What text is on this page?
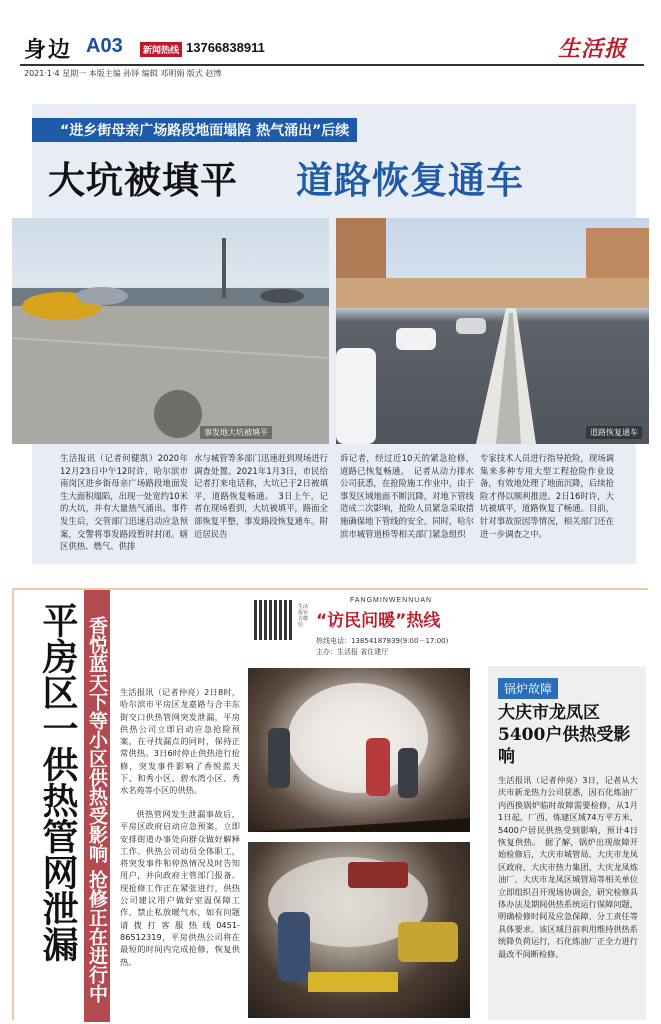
身边 A03	新闻热线 13766838911	生活报
2021·1·4 星期一 本版主编 孙铎 编辑 邓明娟 版式 赵博
“进乡街母亲广场路段地面塌陷 热气涌出”后续
大坑被填平 道路恢复通车
事发地大坑被填平	道路恢复通车
生活报讯（记者何健凯）2020年12月23日中午12时许，哈尔滨市南岗区进乡街母亲广场路段地面发生大面积塌陷，出现一处宽约10米的大坑，并有大量热气涌出。事件发生后，交管部门迅速启动应急预案，交警将事发路段暂时封闭。辖区供热、燃气、供排
水与城管等多部门迅速赶到现场进行调查处置。2021年1月3日，市民给记者打来电话称，大坑已于2日被填平，道路恢复畅通。　3日上午，记者在现场看到，大坑被填平，路面全部恢复平整，事发路段恢复通车。附近居民告
诉记者，经过近10天的紧急抢修，道路已恢复畅通。　记者从动力排水公司获悉，在抢险施工作业中，由于事发区域地面不断沉降，对地下管线造成二次影响，抢险人员紧急采取措施确保地下管线的安全。同时，哈尔滨市城管道桥等相关部门紧急组织
专家技术人员进行指导抢险，现场调集来多种专用大型工程抢险作业设备，有效地处理了地面沉降，后续抢险才得以顺利推进。2日16时许，大坑被填平，道路恢复了畅通。目前，针对事故原因等情况，相关部门还在进一步调查之中。
平房区一供热管网泄漏 香悦蓝天下等小区供热受影响 抢修正在进行中 生活报讯（记者仲亮）2日8时，哈尔滨市平房区龙嘉路与合丰东街交口供热管网突发泄漏，平房供热公司立即启动应急抢险预案，在寻找漏点的同时，保持正常供热。3日6时停止供热进行抢修，突发事件影响了香悦蓝天下、和秀小区、碧水湾小区、秀水名苑等小区的供热。
供热管网发生泄漏事故后，平房区政府启动应急预案，立即安排街道办事处向群众做好解释工作。供热公司动员全体职工，将突发事件和停热情况及时告知用户，并向政府主管部门报备。现抢修工作正在紧张进行，供热公司建议用户做好室温保障工作，禁止私放暖气水，如有问题请拨打客服热线0451-86512319，平房供热公司将在最短的时间内完成抢修，恢复供热。
生活报官方微信
FANGMINWENNUAN
“访民问暖”热线
热线电话：13854187839(9:00－17:00)
主办：生活报 省住建厅
锅炉故障
大庆市龙凤区5400户供热受影响
生活报讯（记者仲亮）3日，记者从大庆市新龙热力公司获悉，因石化炼油厂内西换锅炉临时故障需要检修，从1月1日起，厂西、炼建区域74万平方米、5400户居民供热受到影响，预计4日恢复供热。　据了解，锅炉出现故障开始检修后，大庆市城管局、大庆市龙凤区政府、大庆市热力集团、大庆龙凤炼油厂、大庆市龙凤区城管局等相关单位立即组织召开现场协调会，研究检修具体办法及期间供热系统运行保障问题，明确检修时间及应急保障、分工责任等具体要求。该区域目前利用维持供热系统降负荷运行，石化炼油厂正全力进行最改不间断检修。
